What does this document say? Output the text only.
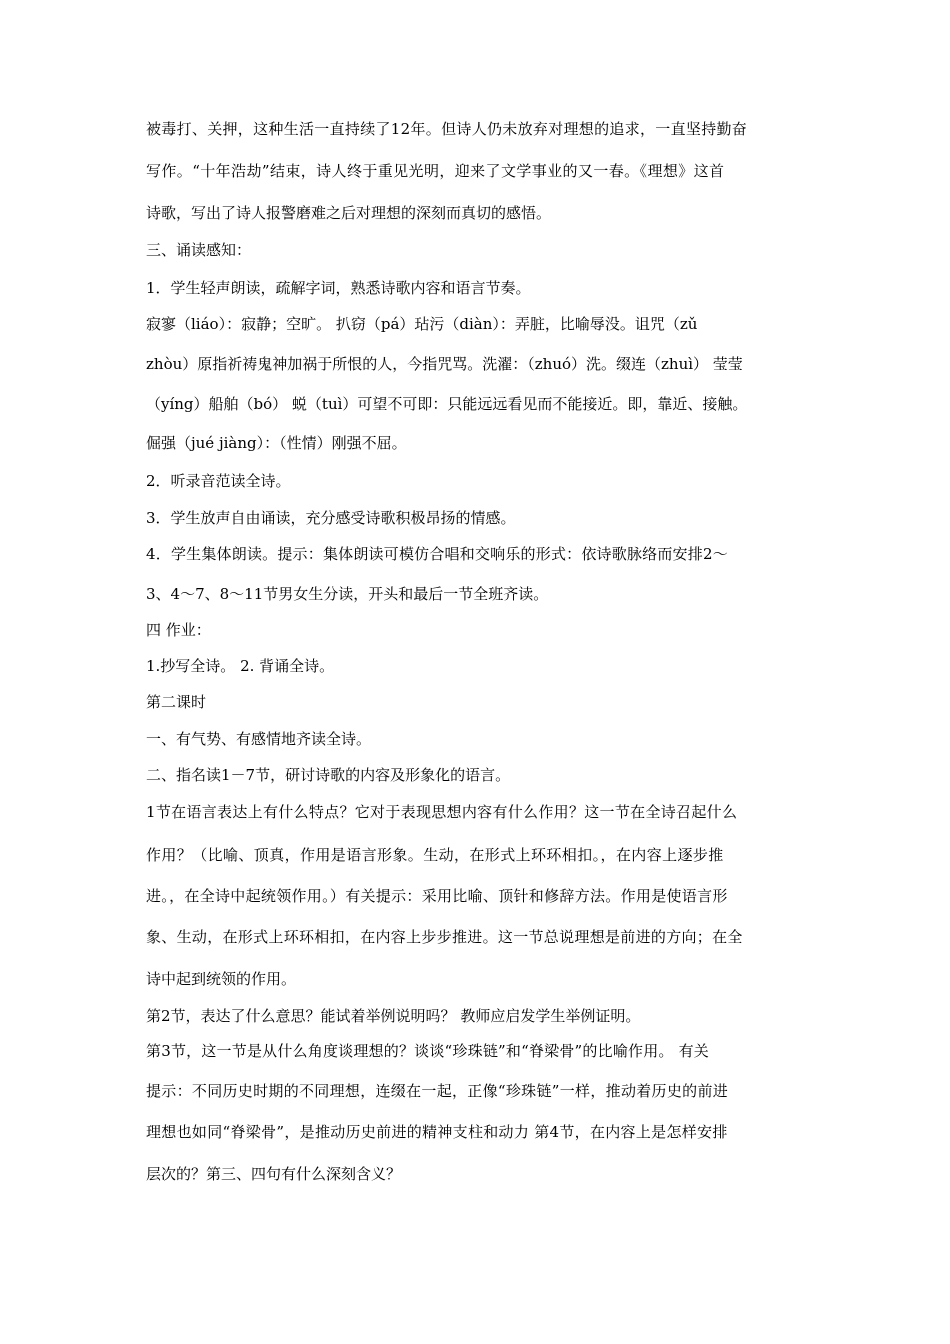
被毒打、关押，这种生活一直持续了12年。但诗人仍未放弃对理想的追求，一直坚持勤奋
写作。“十年浩劫”结束，诗人终于重见光明，迎来了文学事业的又一春。《理想》这首
诗歌，写出了诗人报警磨难之后对理想的深刻而真切的感悟。
三、诵读感知：
1．学生轻声朗读，疏解字词，熟悉诗歌内容和语言节奏。
寂寥（liáo）：寂静；空旷。 扒窃（pá）玷污（diàn）：弄脏，比喻辱没。诅咒（zǔ
zhòu）原指祈祷鬼神加祸于所恨的人，今指咒骂。洗濯：（zhuó）洗。缀连（zhuì） 莹莹
（yíng）船舶（bó） 蜕（tuì）可望不可即：只能远远看见而不能接近。即，靠近、接触。
倔强（jué jiàng）：（性情）刚强不屈。
2．听录音范读全诗。
3．学生放声自由诵读，充分感受诗歌积极昂扬的情感。
4．学生集体朗读。提示：集体朗读可模仿合唱和交响乐的形式：依诗歌脉络而安排2～
3、4～7、8～11节男女生分读，开头和最后一节全班齐读。
四 作业：
1.抄写全诗。 2. 背诵全诗。
第二课时
一、有气势、有感情地齐读全诗。
二、指名读1－7节，研讨诗歌的内容及形象化的语言。
1节在语言表达上有什么特点？它对于表现思想内容有什么作用？这一节在全诗召起什么
作用？（比喻、顶真，作用是语言形象。生动，在形式上环环相扣。，在内容上逐步推
进。，在全诗中起统领作用。）有关提示：采用比喻、顶针和修辞方法。作用是使语言形
象、生动，在形式上环环相扣，在内容上步步推进。这一节总说理想是前进的方向；在全
诗中起到统领的作用。
第2节，表达了什么意思？能试着举例说明吗？ 教师应启发学生举例证明。
第3节，这一节是从什么角度谈理想的？谈谈“珍珠链”和“脊梁骨”的比喻作用。 有关
提示：不同历史时期的不同理想，连缀在一起，正像“珍珠链”一样，推动着历史的前进
理想也如同“脊梁骨”，是推动历史前进的精神支柱和动力 第4节，在内容上是怎样安排
层次的？第三、四句有什么深刻含义？
